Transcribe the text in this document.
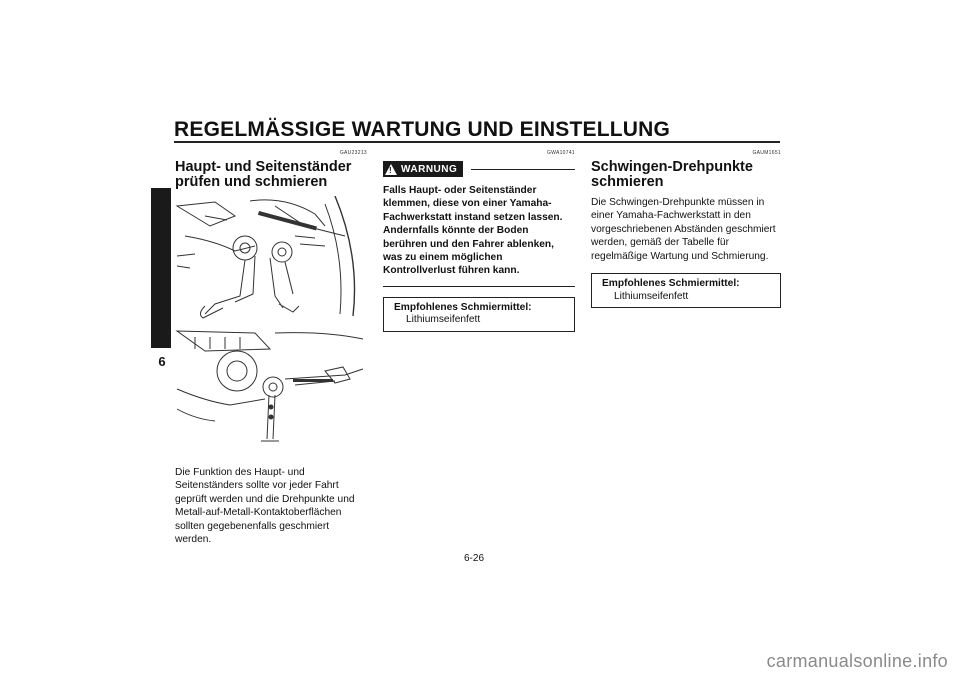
REGELMÄSSIGE WARTUNG UND EINSTELLUNG
6
GAU23213
Haupt- und Seitenständer prüfen und schmieren

Die Funktion des Haupt- und Seitenständers sollte vor jeder Fahrt geprüft werden und die Drehpunkte und Metall-auf-Metall-Kontaktoberflächen sollten gegebenenfalls geschmiert werden.

GWA10741
! WARNUNG
Falls Haupt- oder Seitenständer klemmen, diese von einer Yamaha-Fachwerkstatt instand setzen lassen. Andernfalls könnte der Boden berühren und den Fahrer ablenken, was zu einem möglichen Kontrollverlust führen kann.
Empfohlenes Schmiermittel:
Lithiumseifenfett
GAUM1651
Schwingen-Drehpunkte schmieren

Die Schwingen-Drehpunkte müssen in einer Yamaha-Fachwerkstatt in den vorgeschriebenen Abständen geschmiert werden, gemäß der Tabelle für regelmäßige Wartung und Schmierung.

Empfohlenes Schmiermittel:
Lithiumseifenfett
6-26
carmanualsonline.info
